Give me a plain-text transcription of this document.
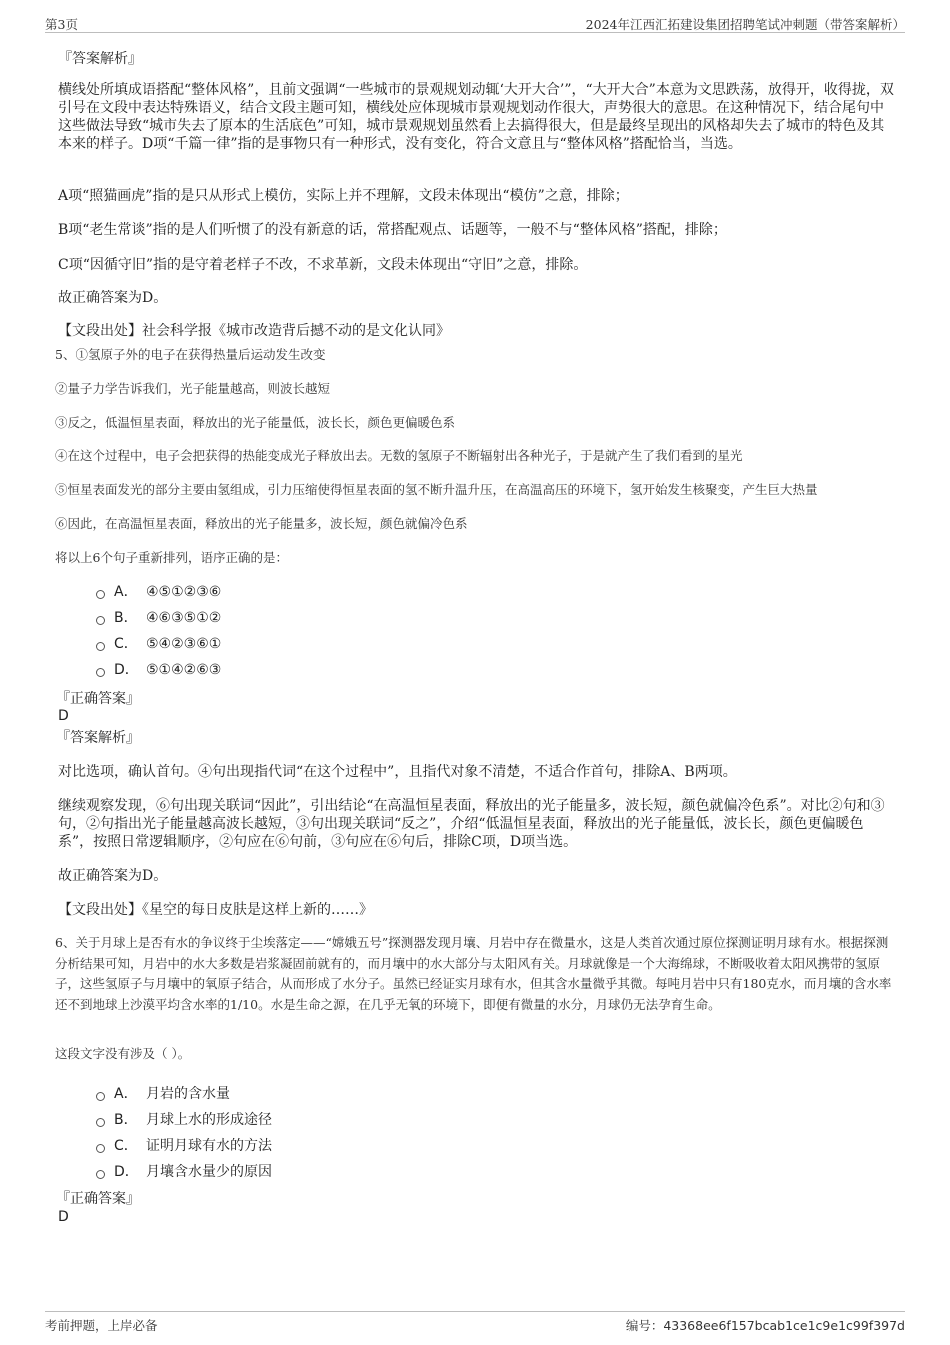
第3页	2024年江西汇拓建设集团招聘笔试冲刺题（带答案解析）
『答案解析』
横线处所填成语搭配“整体风格”，且前文强调“一些城市的景观规划动辄‘大开大合’”，“大开大合”本意为文思跌荡，放得开，收得拢，双引号在文段中表达特殊语义，结合文段主题可知，横线处应体现城市景观规划动作很大，声势很大的意思。在这种情况下，结合尾句中这些做法导致“城市失去了原本的生活底色”可知，城市景观规划虽然看上去搞得很大，但是最终呈现出的风格却失去了城市的特色及其本来的样子。D项“千篇一律”指的是事物只有一种形式，没有变化，符合文意且与“整体风格”搭配恰当，当选。
A项“照猫画虎”指的是只从形式上模仿，实际上并不理解，文段未体现出“模仿”之意，排除；
B项“老生常谈”指的是人们听惯了的没有新意的话，常搭配观点、话题等，一般不与“整体风格”搭配，排除；
C项“因循守旧”指的是守着老样子不改，不求革新，文段未体现出“守旧”之意，排除。
故正确答案为D。
【文段出处】社会科学报《城市改造背后撼不动的是文化认同》
5、①氢原子外的电子在获得热量后运动发生改变
②量子力学告诉我们，光子能量越高，则波长越短
③反之，低温恒星表面，释放出的光子能量低，波长长，颜色更偏暖色系
④在这个过程中，电子会把获得的热能变成光子释放出去。无数的氢原子不断辐射出各种光子，于是就产生了我们看到的星光
⑤恒星表面发光的部分主要由氢组成，引力压缩使得恒星表面的氢不断升温升压，在高温高压的环境下，氢开始发生核聚变，产生巨大热量
⑥因此，在高温恒星表面，释放出的光子能量多，波长短，颜色就偏冷色系
将以上6个句子重新排列，语序正确的是：
A． ④⑤①②③⑥
B． ④⑥③⑤①②
C． ⑤④②③⑥①
D． ⑤①④②⑥③
『正确答案』
D
『答案解析』
对比选项，确认首句。④句出现指代词“在这个过程中”，且指代对象不清楚，不适合作首句，排除A、B两项。
继续观察发现，⑥句出现关联词“因此”，引出结论“在高温恒星表面，释放出的光子能量多，波长短，颜色就偏冷色系”。对比②句和③句，②句指出光子能量越高波长越短，③句出现关联词“反之”，介绍“低温恒星表面，释放出的光子能量低，波长长，颜色更偏暖色系”，按照日常逻辑顺序，②句应在⑥句前，③句应在⑥句后，排除C项，D项当选。
故正确答案为D。
【文段出处】《星空的每日皮肤是这样上新的……》
6、关于月球上是否有水的争议终于尘埃落定——“嫦娥五号”探测器发现月壤、月岩中存在微量水，这是人类首次通过原位探测证明月球有水。根据探测分析结果可知，月岩中的水大多数是岩浆凝固前就有的，而月壤中的水大部分与太阳风有关。月球就像是一个大海绵球，不断吸收着太阳风携带的氢原子，这些氢原子与月壤中的氧原子结合，从而形成了水分子。虽然已经证实月球有水，但其含水量微乎其微。每吨月岩中只有180克水，而月壤的含水率还不到地球上沙漠平均含水率的1/10。水是生命之源，在几乎无氧的环境下，即便有微量的水分，月球仍无法孕育生命。
这段文字没有涉及（ ）。
A． 月岩的含水量
B． 月球上水的形成途径
C． 证明月球有水的方法
D． 月壤含水量少的原因
『正确答案』
D
考前押题，上岸必备	编号：43368ee6f157bcab1ce1c9e1c99f397d
